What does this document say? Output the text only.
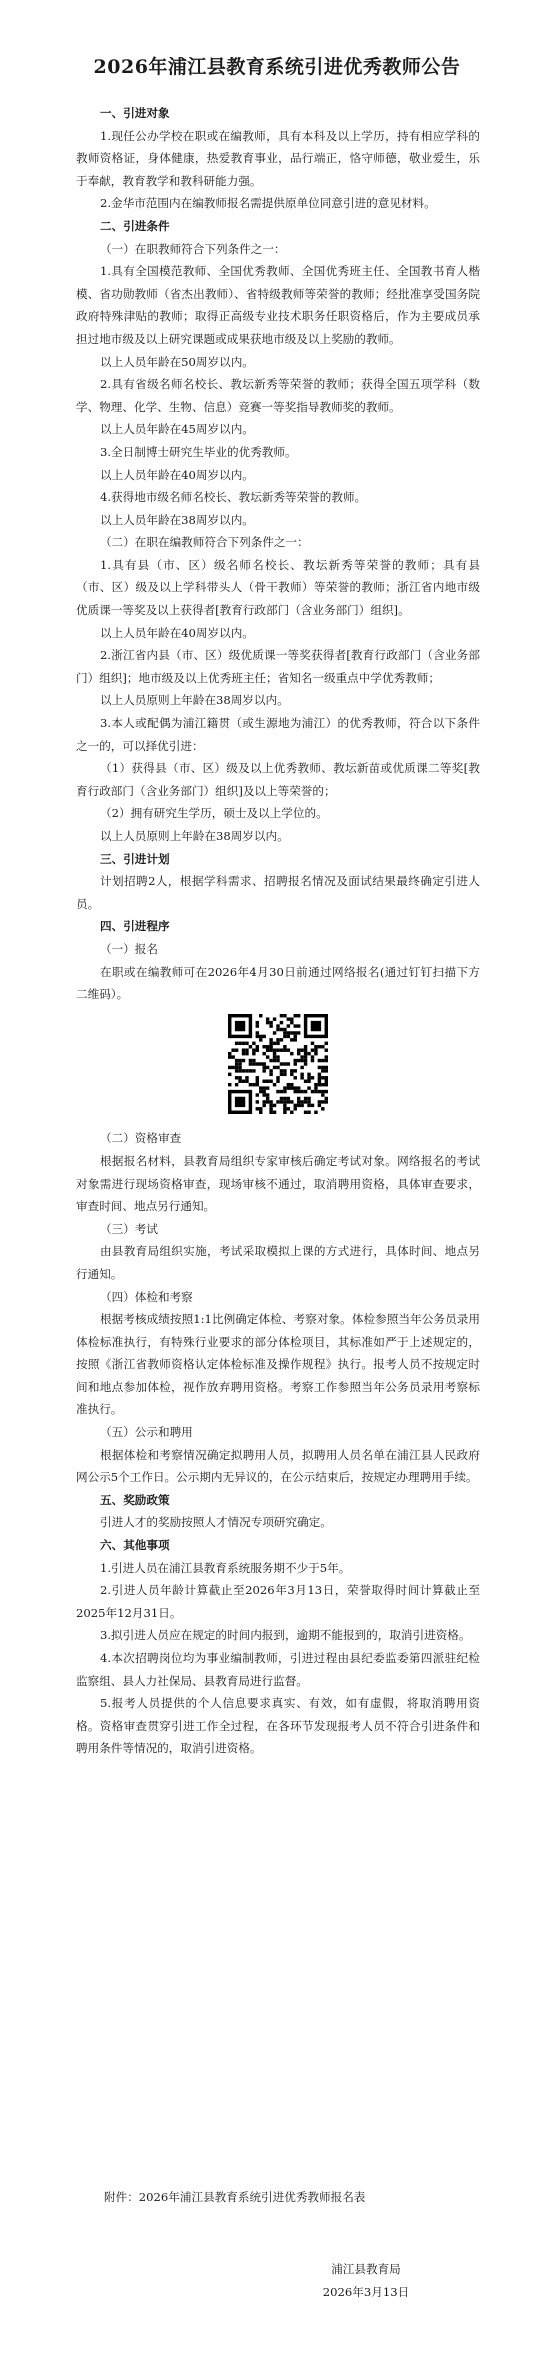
2026年浦江县教育系统引进优秀教师公告

一、引进对象

1.现任公办学校在职或在编教师，具有本科及以上学历，持有相应学科的教师资格证，身体健康，热爱教育事业，品行端正，恪守师德，敬业爱生，乐于奉献，教育教学和教科研能力强。

2.金华市范围内在编教师报名需提供原单位同意引进的意见材料。

二、引进条件

（一）在职教师符合下列条件之一：

1.具有全国模范教师、全国优秀教师、全国优秀班主任、全国教书育人楷模、省功勋教师（省杰出教师）、省特级教师等荣誉的教师；经批准享受国务院政府特殊津贴的教师；取得正高级专业技术职务任职资格后，作为主要成员承担过地市级及以上研究课题或成果获地市级及以上奖励的教师。

以上人员年龄在50周岁以内。

2.具有省级名师名校长、教坛新秀等荣誉的教师；获得全国五项学科（数学、物理、化学、生物、信息）竞赛一等奖指导教师奖的教师。

以上人员年龄在45周岁以内。

3.全日制博士研究生毕业的优秀教师。

以上人员年龄在40周岁以内。

4.获得地市级名师名校长、教坛新秀等荣誉的教师。

以上人员年龄在38周岁以内。

（二）在职在编教师符合下列条件之一：

1.具有县（市、区）级名师名校长、教坛新秀等荣誉的教师；具有县（市、区）级及以上学科带头人（骨干教师）等荣誉的教师；浙江省内地市级优质课一等奖及以上获得者[教育行政部门（含业务部门）组织]。

以上人员年龄在40周岁以内。

2.浙江省内县（市、区）级优质课一等奖获得者[教育行政部门（含业务部门）组织]；地市级及以上优秀班主任；省知名一级重点中学优秀教师；

以上人员原则上年龄在38周岁以内。

3.本人或配偶为浦江籍贯（或生源地为浦江）的优秀教师，符合以下条件之一的，可以择优引进：

（1）获得县（市、区）级及以上优秀教师、教坛新苗或优质课二等奖[教育行政部门（含业务部门）组织]及以上等荣誉的；

（2）拥有研究生学历，硕士及以上学位的。

以上人员原则上年龄在38周岁以内。

三、引进计划

计划招聘2人，根据学科需求、招聘报名情况及面试结果最终确定引进人员。

四、引进程序

（一）报名

在职或在编教师可在2026年4月30日前通过网络报名(通过钉钉扫描下方二维码）。

（二）资格审查

根据报名材料，县教育局组织专家审核后确定考试对象。网络报名的考试对象需进行现场资格审查，现场审核不通过，取消聘用资格，具体审查要求，审查时间、地点另行通知。

（三）考试

由县教育局组织实施，考试采取模拟上课的方式进行，具体时间、地点另行通知。

（四）体检和考察

根据考核成绩按照1:1比例确定体检、考察对象。体检参照当年公务员录用体检标准执行，有特殊行业要求的部分体检项目，其标准如严于上述规定的，按照《浙江省教师资格认定体检标准及操作规程》执行。报考人员不按规定时间和地点参加体检，视作放弃聘用资格。考察工作参照当年公务员录用考察标准执行。

（五）公示和聘用

根据体检和考察情况确定拟聘用人员，拟聘用人员名单在浦江县人民政府网公示5个工作日。公示期内无异议的，在公示结束后，按规定办理聘用手续。

五、奖励政策

引进人才的奖励按照人才情况专项研究确定。

六、其他事项

1.引进人员在浦江县教育系统服务期不少于5年。

2.引进人员年龄计算截止至2026年3月13日，荣誉取得时间计算截止至2025年12月31日。

3.拟引进人员应在规定的时间内报到，逾期不能报到的，取消引进资格。

4.本次招聘岗位均为事业编制教师，引进过程由县纪委监委第四派驻纪检监察组、县人力社保局、县教育局进行监督。

5.报考人员提供的个人信息要求真实、有效，如有虚假，将取消聘用资格。资格审查贯穿引进工作全过程，在各环节发现报考人员不符合引进条件和聘用条件等情况的，取消引进资格。

附件：2026年浦江县教育系统引进优秀教师报名表
浦江县教育局
2026年3月13日
